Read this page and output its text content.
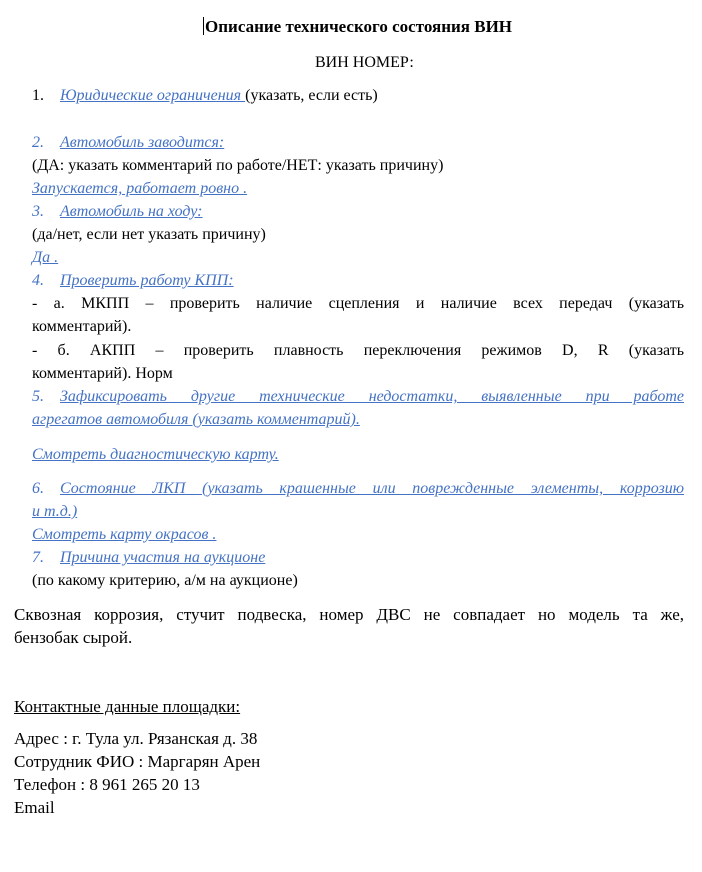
Описание технического состояния ВИН
ВИН НОМЕР:
1. Юридические ограничения (указать, если есть)
2. Автомобиль заводится:
(ДА: указать комментарий по работе/НЕТ: указать причину)
Запускается, работает ровно .
3. Автомобиль на ходу:
(да/нет, если нет указать причину)
Да .
4. Проверить работу КПП:
- а. МКПП – проверить наличие сцепления и наличие всех передач (указать
комментарий).
- б. АКПП – проверить плавность переключения режимов D, R (указать
комментарий). Норм
5. Зафиксировать другие технические недостатки, выявленные при работе
агрегатов автомобиля (указать комментарий).
Смотреть диагностическую карту.
6. Состояние ЛКП (указать крашенные или поврежденные элементы, коррозию
и т.д.)
Смотреть карту окрасов .
7. Причина участия на аукционе
(по какому критерию, а/м на аукционе)
Сквозная коррозия, стучит подвеска, номер ДВС не совпадает но модель та же,
бензобак сырой.
Контактные данные площадки:
Адрес : г. Тула ул. Рязанская д. 38
Сотрудник ФИО : Маргарян Арен
Телефон : 8 961 265 20 13
Email
